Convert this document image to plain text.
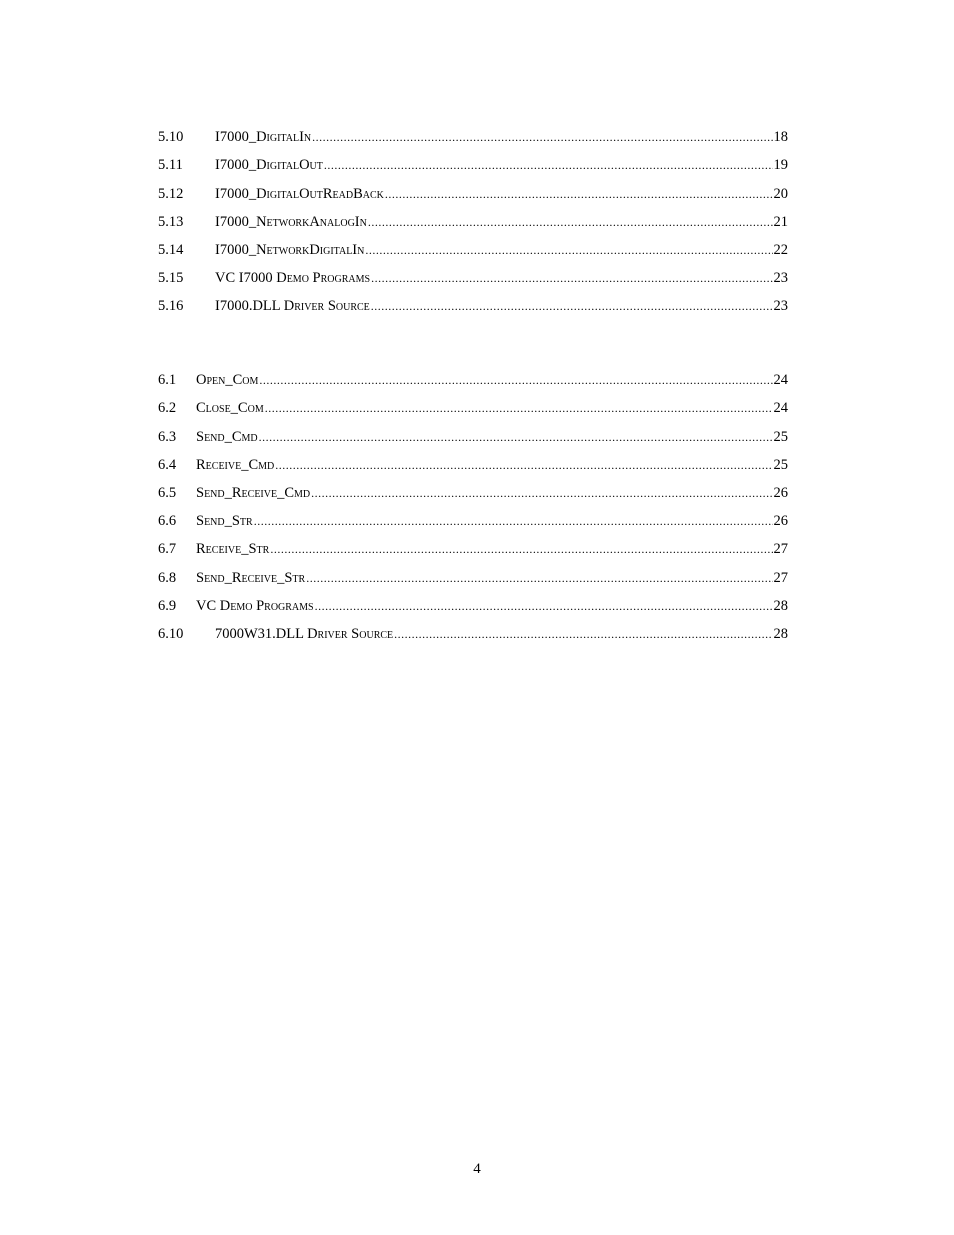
5.10	I7000_DigitalIn .....	18
5.11	I7000_DigitalOut .....	19
5.12	I7000_DigitalOutReadBack .....	20
5.13	I7000_NetworkAnalogIn .....	21
5.14	I7000_NetworkDigitalIn .....	22
5.15	VC I7000 Demo Programs .....	23
5.16	I7000.DLL Driver Source .....	23
6.1	Open_Com .....	24
6.2	Close_Com .....	24
6.3	Send_Cmd .....	25
6.4	Receive_Cmd .....	25
6.5	Send_Receive_Cmd .....	26
6.6	Send_Str .....	26
6.7	Receive_Str .....	27
6.8	Send_Receive_Str .....	27
6.9	VC Demo Programs .....	28
6.10	7000W31.DLL Driver Source .....	28
4
